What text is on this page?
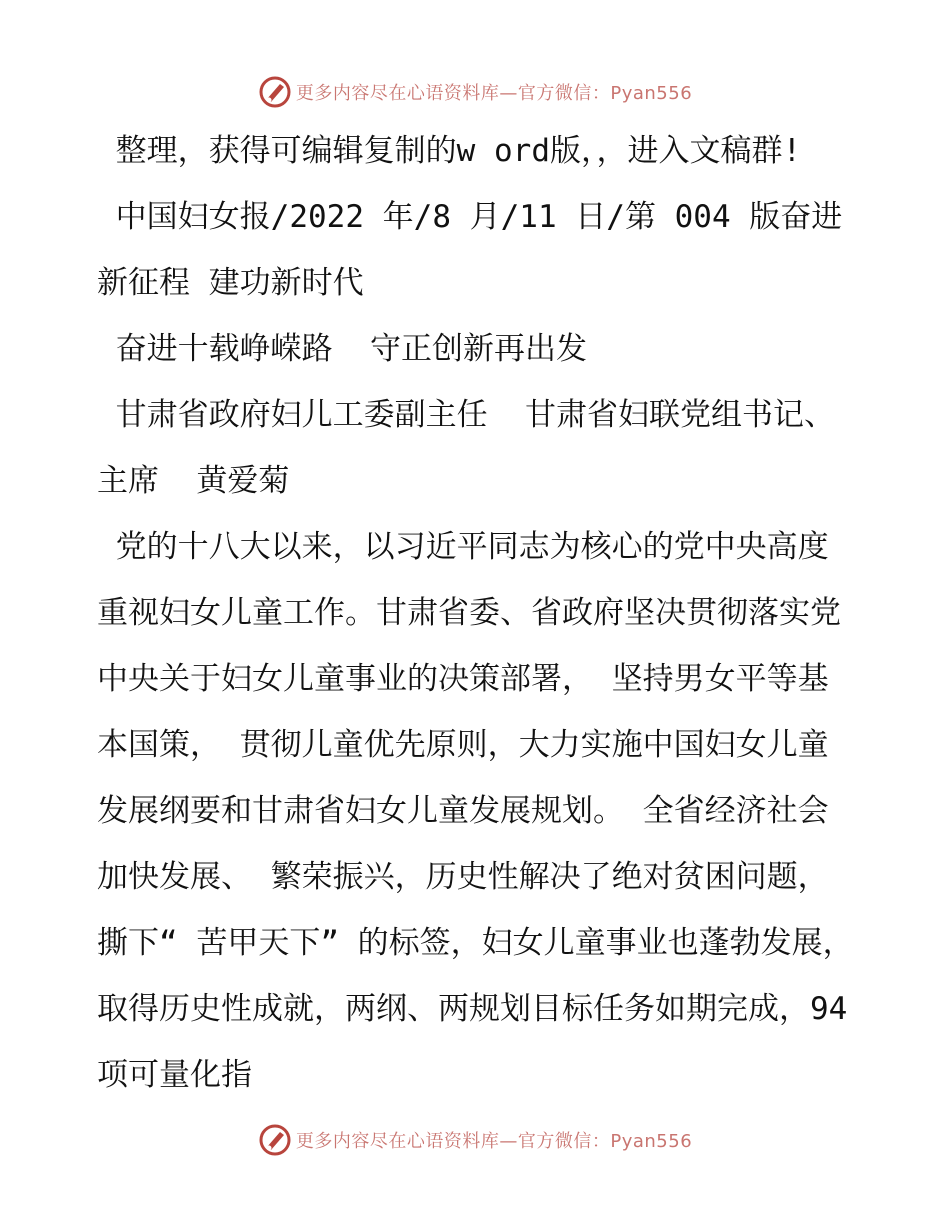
更多内容尽在心语资料库—官方微信：Pyan556

整理，获得可编辑复制的w ord版，，进入文稿群!

中国妇女报/2022 年/8 月/11 日/第 004 版奋进新征程 建功新时代

奋进十载峥嵘路  守正创新再出发

甘肃省政府妇儿工委副主任  甘肃省妇联党组书记、主席  黄爱菊

党的十八大以来，以习近平同志为核心的党中央高度重视妇女儿童工作。甘肃省委、省政府坚决贯彻落实党中央关于妇女儿童事业的决策部署， 坚持男女平等基本国策， 贯彻儿童优先原则，大力实施中国妇女儿童发展纲要和甘肃省妇女儿童发展规划。 全省经济社会加快发展、 繁荣振兴，历史性解决了绝对贫困问题，撕下“ 苦甲天下” 的标签，妇女儿童事业也蓬勃发展，取得历史性成就，两纲、两规划目标任务如期完成，94 项可量化指

更多内容尽在心语资料库—官方微信：Pyan556
